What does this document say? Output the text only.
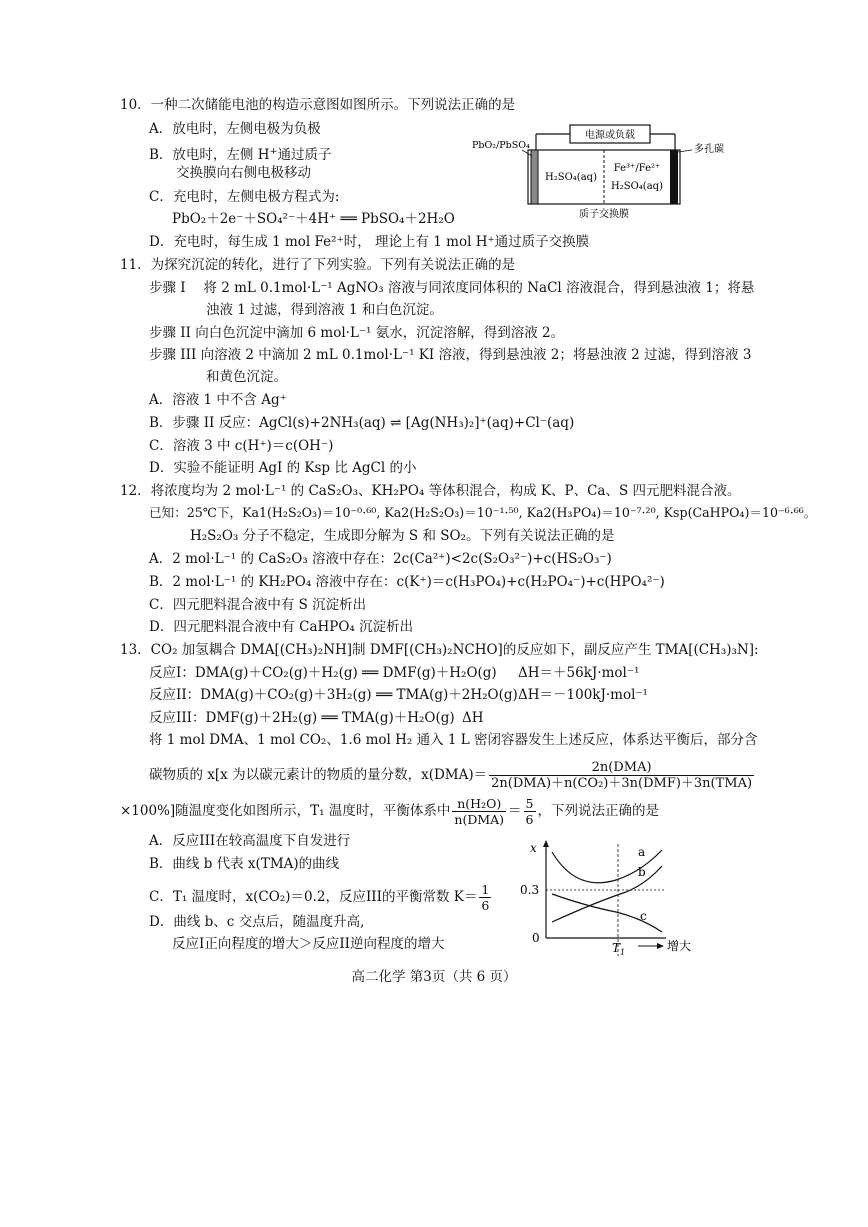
10．一种二次储能电池的构造示意图如图所示。下列说法正确的是
A．放电时，左侧电极为负极
B．放电时，左侧 H+通过质子
交换膜向右侧电极移动
C．充电时，左侧电极方程式为:
PbO₂＋2e⁻＋SO₄²⁻＋4H⁺ ══ PbSO₄＋2H₂O
D．充电时，每生成 1 mol Fe²⁺时， 理论上有 1 mol H⁺通过质子交换膜
电源或负载
PbO₂/PbSO₄	多孔碳
H₂SO₄(aq)
Fe³⁺/Fe²⁺
H₂SO₄(aq)
质子交换膜
11．为探究沉淀的转化，进行了下列实验。下列有关说法正确的是
步骤 I 　将 2 mL 0.1mol·L⁻¹ AgNO₃ 溶液与同浓度同体积的 NaCl 溶液混合，得到悬浊液 1；将悬
浊液 1 过滤，得到溶液 1 和白色沉淀。
步骤 II 向白色沉淀中滴加 6 mol·L⁻¹ 氨水，沉淀溶解，得到溶液 2。
步骤 III 向溶液 2 中滴加 2 mL 0.1mol·L⁻¹ KI 溶液，得到悬浊液 2；将悬浊液 2 过滤，得到溶液 3
和黄色沉淀。
A．溶液 1 中不含 Ag⁺
B．步骤 II 反应：AgCl(s)+2NH₃(aq) ⇌ [Ag(NH₃)₂]⁺(aq)+Cl⁻(aq)
C．溶液 3 中 c(H⁺)＝c(OH⁻)
D．实验不能证明 AgI 的 Ksp 比 AgCl 的小
12．将浓度均为 2 mol·L⁻¹ 的 CaS₂O₃、KH₂PO₄ 等体积混合，构成 K、P、Ca、S 四元肥料混合液。
已知：25℃下，Ka1(H₂S₂O₃)＝10⁻⁰·⁶⁰, Ka2(H₂S₂O₃)＝10⁻¹·⁵⁰, Ka2(H₃PO₄)＝10⁻⁷·²⁰, Ksp(CaHPO₄)＝10⁻⁶·⁶⁶。
H₂S₂O₃ 分子不稳定，生成即分解为 S 和 SO₂。下列有关说法正确的是
A．2 mol·L⁻¹ 的 CaS₂O₃ 溶液中存在：2c(Ca²⁺)<2c(S₂O₃²⁻)+c(HS₂O₃⁻)
B．2 mol·L⁻¹ 的 KH₂PO₄ 溶液中存在：c(K⁺)＝c(H₃PO₄)+c(H₂PO₄⁻)+c(HPO₄²⁻)
C．四元肥料混合液中有 S 沉淀析出
D．四元肥料混合液中有 CaHPO₄ 沉淀析出
13．CO₂ 加氢耦合 DMA[(CH₃)₂NH]制 DMF[(CH₃)₂NCHO]的反应如下，副反应产生 TMA[(CH₃)₃N]:
反应I：DMA(g)＋CO₂(g)＋H₂(g) ══ DMF(g)＋H₂O(g) ΔH＝＋56kJ·mol⁻¹
反应II：DMA(g)＋CO₂(g)＋3H₂(g) ══ TMA(g)＋2H₂O(g) ΔH＝－100kJ·mol⁻¹
反应III：DMF(g)＋2H₂(g) ══ TMA(g)＋H₂O(g) ΔH
将 1 mol DMA、1 mol CO₂、1.6 mol H₂ 通入 1 L 密闭容器发生上述反应，体系达平衡后，部分含
碳物质的 x[x 为以碳元素计的物质的量分数，$x(DMA)= \frac{\text{2n(DMA)}}{\text{2n(DMA)＋n(CO₂)＋3n(DMF)＋3n(TMA)}}$
×100%]随温度变化如图所示，T₁ 温度时，平衡体系中 $\frac{\text{n(H₂O)}}{\text{n(DMA)}} = \frac{5}{6}$ ，下列说法正确的是
A．反应III在较高温度下自发进行
B．曲线 b 代表 x(TMA)的曲线
C．T₁ 温度时，x(CO₂)＝0.2，反应III的平衡常数 $K= \frac{1}{6}$
D．曲线 b、c 交点后，随温度升高,
反应I正向程度的增大＞反应II逆向程度的增大
x
0
0.3
$T_1$	增大
a
b
c
高二化学 第3页（共 6 页）
